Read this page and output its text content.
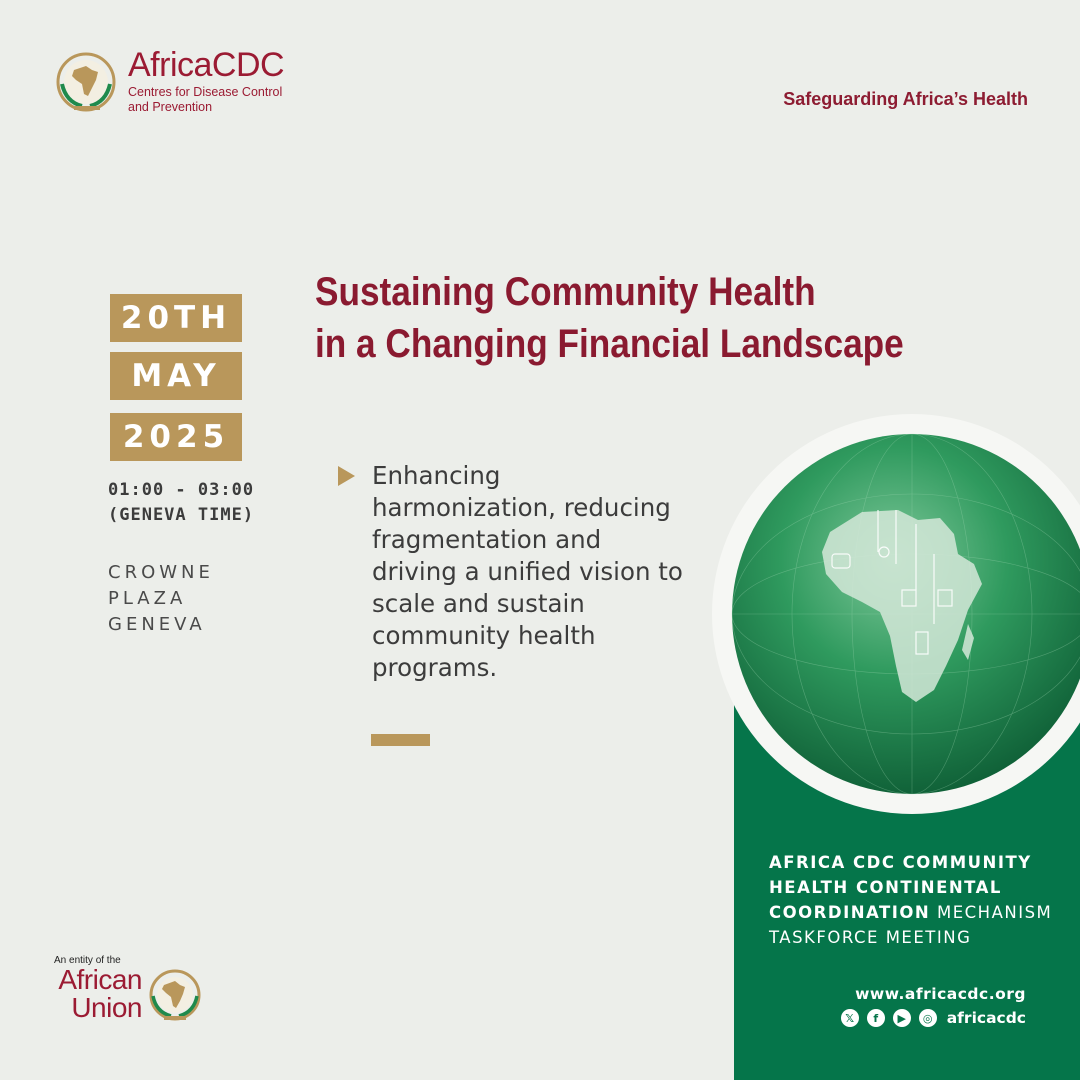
AfricaCDC
Centres for Disease Control
and Prevention	Safeguarding Africa’s Health
Sustaining Community Health
in a Changing Financial Landscape
20TH
MAY
2025
01:00 - 03:00
(GENEVA TIME)
CROWNE
PLAZA
GENEVA
Enhancing harmonization, reducing fragmentation and driving a unified vision to scale and sustain community health programs.
AFRICA CDC COMMUNITY
HEALTH CONTINENTAL
COORDINATION MECHANISM
TASKFORCE MEETING
www.africacdc.org
𝕏	f	▶	◎ africacdc
An entity of the
African
Union
